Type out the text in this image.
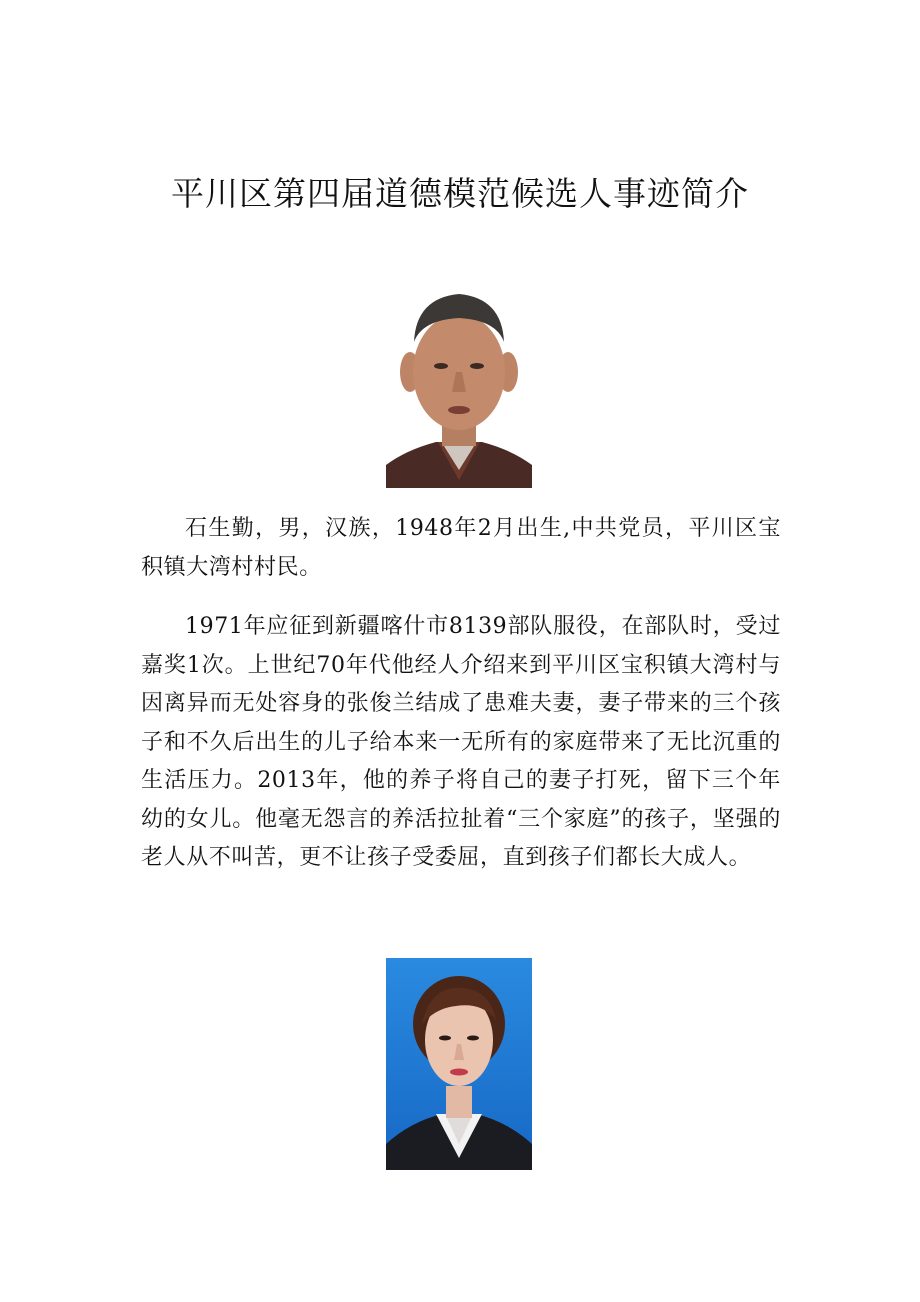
平川区第四届道德模范候选人事迹简介

石生勤，男，汉族，1948年2月出生,中共党员，平川区宝积镇大湾村村民。

1971年应征到新疆喀什市8139部队服役，在部队时，受过嘉奖1次。上世纪70年代他经人介绍来到平川区宝积镇大湾村与因离异而无处容身的张俊兰结成了患难夫妻，妻子带来的三个孩子和不久后出生的儿子给本来一无所有的家庭带来了无比沉重的生活压力。2013年，他的养子将自己的妻子打死，留下三个年幼的女儿。他毫无怨言的养活拉扯着“三个家庭”的孩子，坚强的老人从不叫苦，更不让孩子受委屈，直到孩子们都长大成人。
